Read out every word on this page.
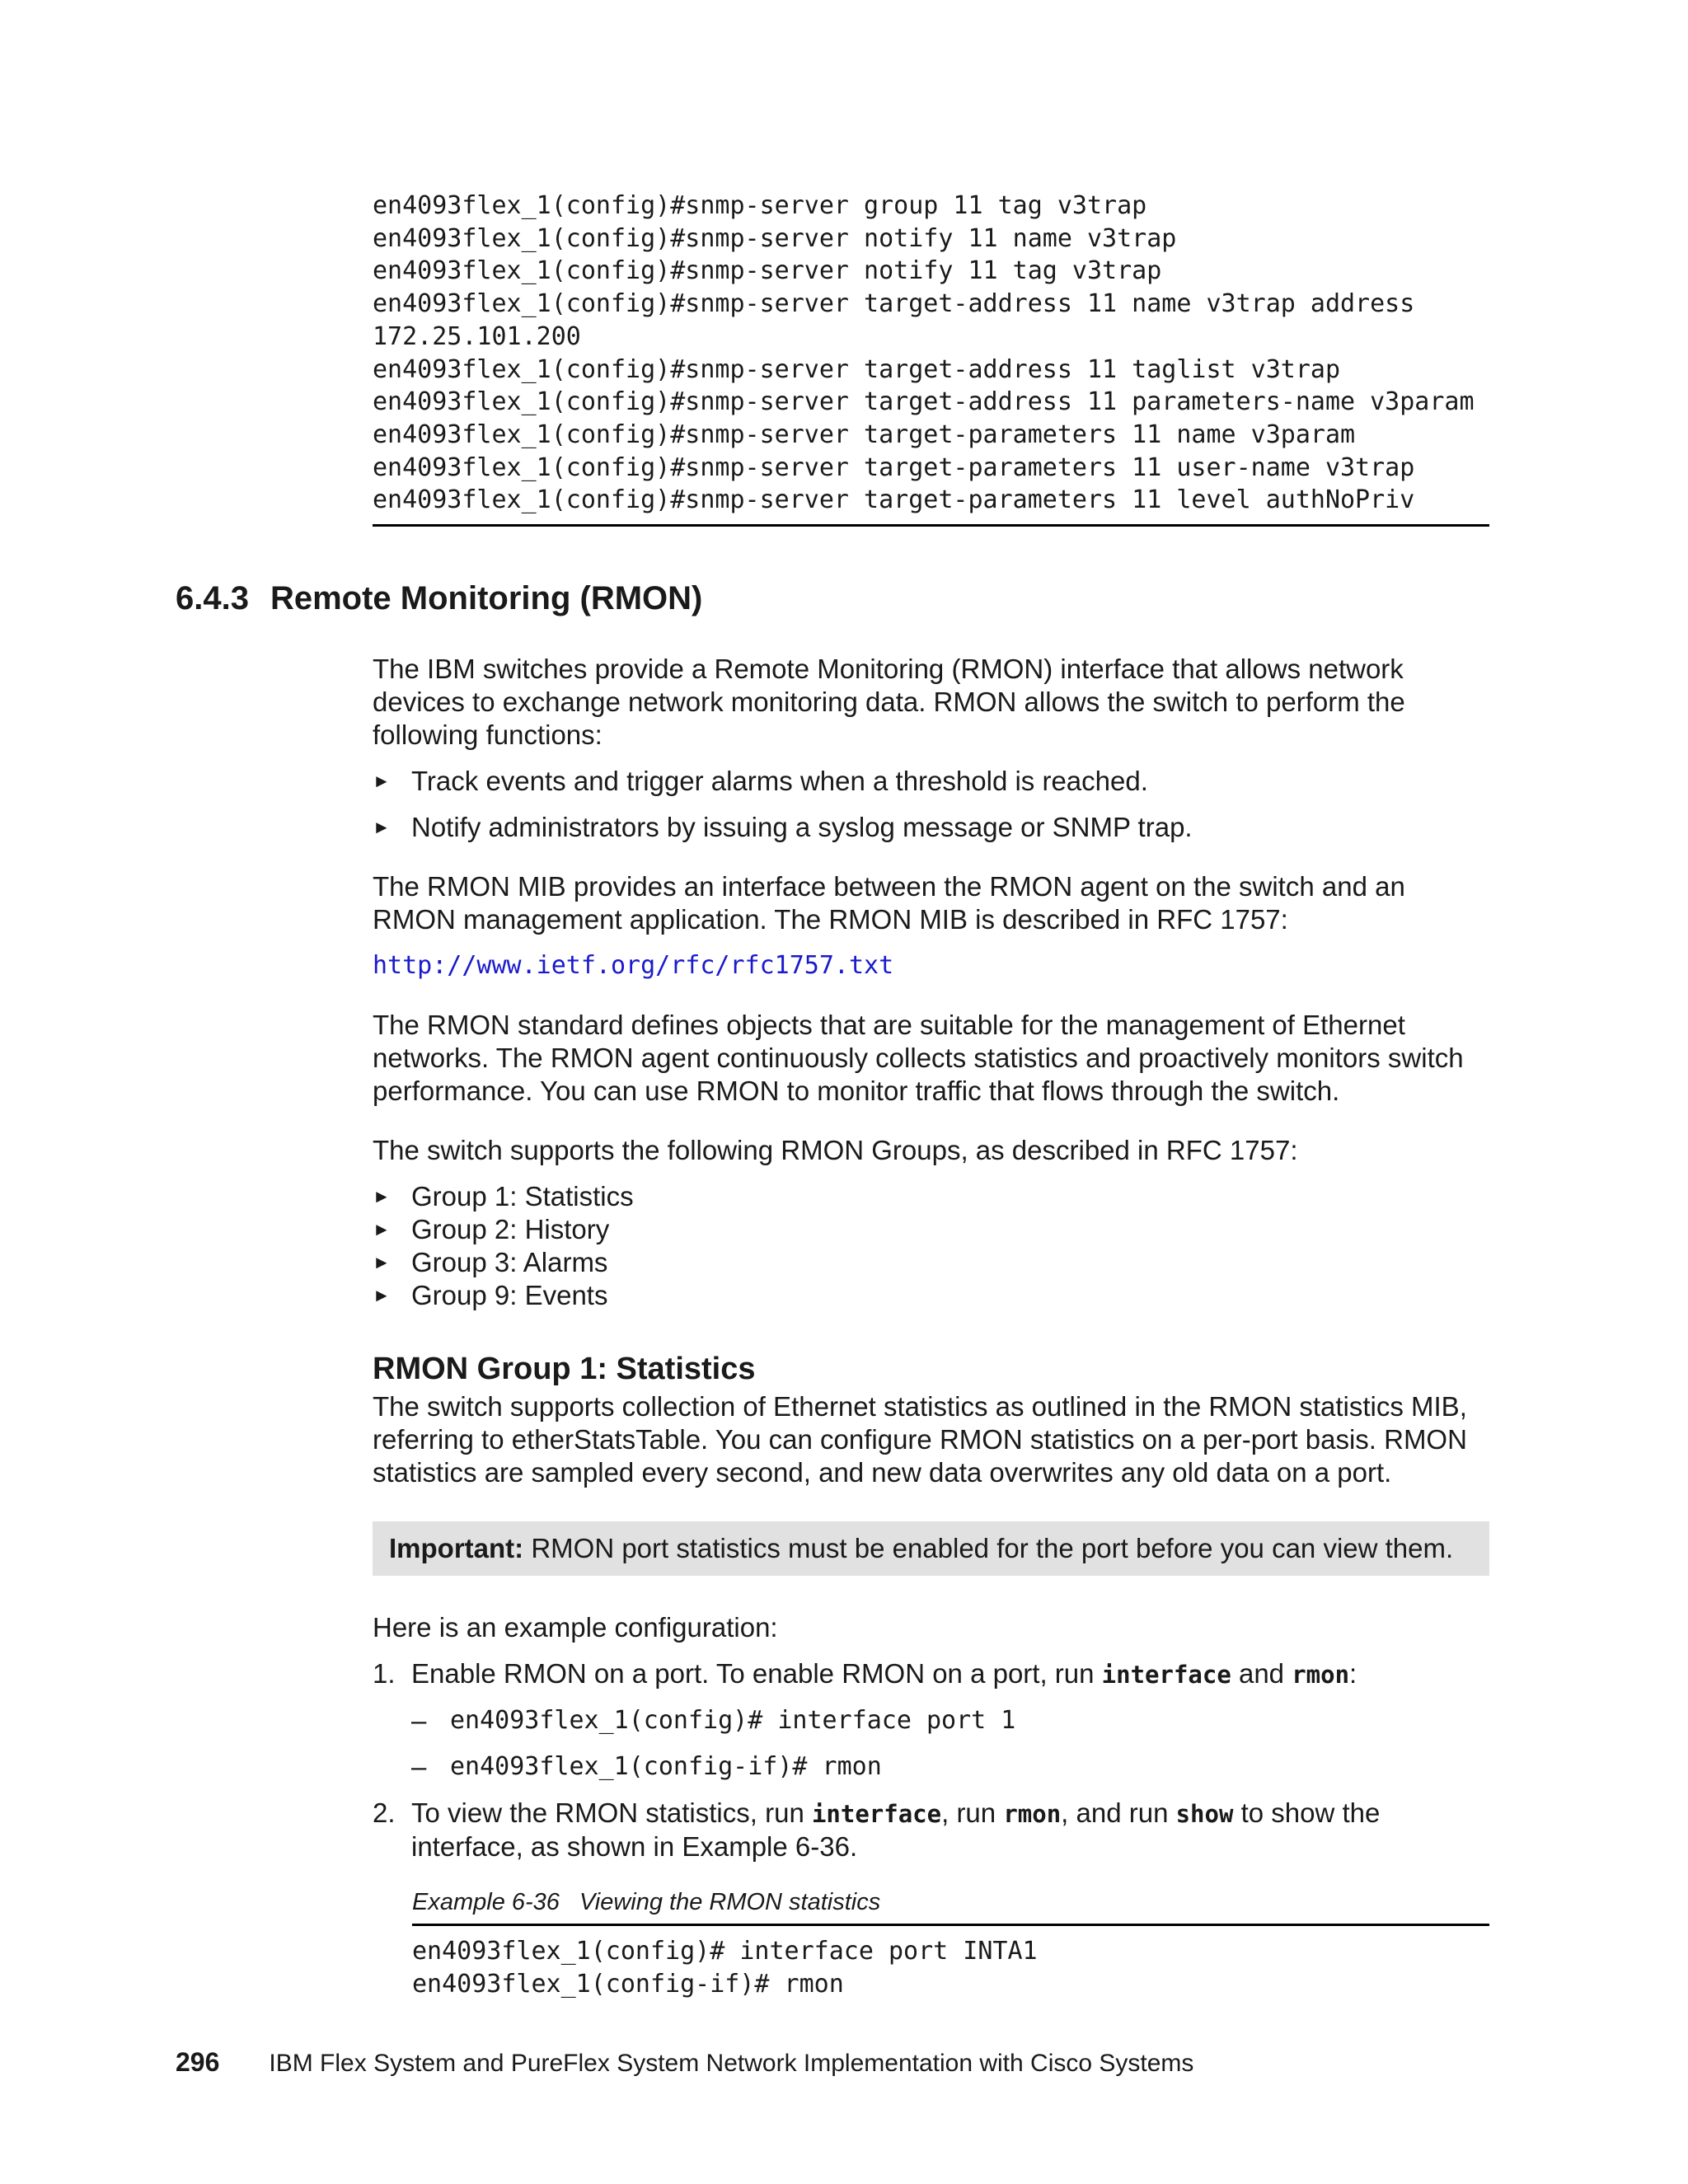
en4093flex_1(config)#snmp-server group 11 tag v3trap
en4093flex_1(config)#snmp-server notify 11 name v3trap
en4093flex_1(config)#snmp-server notify 11 tag v3trap
en4093flex_1(config)#snmp-server target-address 11 name v3trap address
172.25.101.200
en4093flex_1(config)#snmp-server target-address 11 taglist v3trap
en4093flex_1(config)#snmp-server target-address 11 parameters-name v3param
en4093flex_1(config)#snmp-server target-parameters 11 name v3param
en4093flex_1(config)#snmp-server target-parameters 11 user-name v3trap
en4093flex_1(config)#snmp-server target-parameters 11 level authNoPriv
6.4.3 Remote Monitoring (RMON)

The IBM switches provide a Remote Monitoring (RMON) interface that allows network devices to exchange network monitoring data. RMON allows the switch to perform the following functions:

► Track events and trigger alarms when a threshold is reached.
► Notify administrators by issuing a syslog message or SNMP trap.

The RMON MIB provides an interface between the RMON agent on the switch and an RMON management application. The RMON MIB is described in RFC 1757:

http://www.ietf.org/rfc/rfc1757.txt

The RMON standard defines objects that are suitable for the management of Ethernet networks. The RMON agent continuously collects statistics and proactively monitors switch performance. You can use RMON to monitor traffic that flows through the switch.

The switch supports the following RMON Groups, as described in RFC 1757:

► Group 1: Statistics
► Group 2: History
► Group 3: Alarms
► Group 9: Events
RMON Group 1: Statistics

The switch supports collection of Ethernet statistics as outlined in the RMON statistics MIB, referring to etherStatsTable. You can configure RMON statistics on a per-port basis. RMON statistics are sampled every second, and new data overwrites any old data on a port.

Important: RMON port statistics must be enabled for the port before you can view them.

Here is an example configuration:

1. Enable RMON on a port. To enable RMON on a port, run interface and rmon:
– en4093flex_1(config)# interface port 1
– en4093flex_1(config-if)# rmon
2. To view the RMON statistics, run interface, run rmon, and run show to show the interface, as shown in Example 6-36.
Example 6-36 Viewing the RMON statistics
en4093flex_1(config)# interface port INTA1
en4093flex_1(config-if)# rmon
296 IBM Flex System and PureFlex System Network Implementation with Cisco Systems
